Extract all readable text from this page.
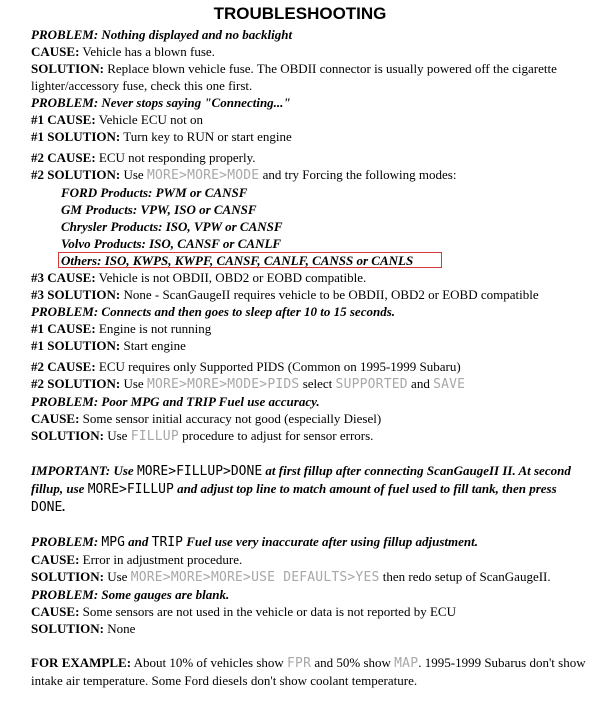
TROUBLESHOOTING
PROBLEM: Nothing displayed and no backlight
CAUSE: Vehicle has a blown fuse.
SOLUTION: Replace blown vehicle fuse. The OBDII connector is usually powered off the cigarette lighter/accessory fuse, check this one first.
PROBLEM: Never stops saying "Connecting..."
#1 CAUSE: Vehicle ECU not on
#1 SOLUTION: Turn key to RUN or start engine
#2 CAUSE: ECU not responding properly.
#2 SOLUTION: Use MORE>MORE>MODE and try Forcing the following modes:
FORD Products: PWM or CANSF
GM Products: VPW, ISO or CANSF
Chrysler Products: ISO, VPW or CANSF
Volvo Products: ISO, CANSF or CANLF
Others: ISO, KWPS, KWPF, CANSF, CANLF, CANSS or CANLS
#3 CAUSE: Vehicle is not OBDII, OBD2 or EOBD compatible.
#3 SOLUTION: None - ScanGaugeII requires vehicle to be OBDII, OBD2 or EOBD compatible
PROBLEM: Connects and then goes to sleep after 10 to 15 seconds.
#1 CAUSE: Engine is not running
#1 SOLUTION: Start engine
#2 CAUSE: ECU requires only Supported PIDS (Common on 1995-1999 Subaru)
#2 SOLUTION: Use MORE>MORE>MODE>PIDS select SUPPORTED and SAVE
PROBLEM: Poor MPG and TRIP Fuel use accuracy.
CAUSE: Some sensor initial accuracy not good (especially Diesel)
SOLUTION: Use FILLUP procedure to adjust for sensor errors.
IMPORTANT: Use MORE>FILLUP>DONE at first fillup after connecting ScanGaugeII II. At second fillup, use MORE>FILLUP and adjust top line to match amount of fuel used to fill tank, then press DONE.
PROBLEM: MPG and TRIP Fuel use very inaccurate after using fillup adjustment.
CAUSE: Error in adjustment procedure.
SOLUTION: Use MORE>MORE>MORE>USE DEFAULTS>YES then redo setup of ScanGaugeII.
PROBLEM: Some gauges are blank.
CAUSE: Some sensors are not used in the vehicle or data is not reported by ECU
SOLUTION: None
FOR EXAMPLE: About 10% of vehicles show FPR and 50% show MAP. 1995-1999 Subarus don't show intake air temperature. Some Ford diesels don't show coolant temperature.
